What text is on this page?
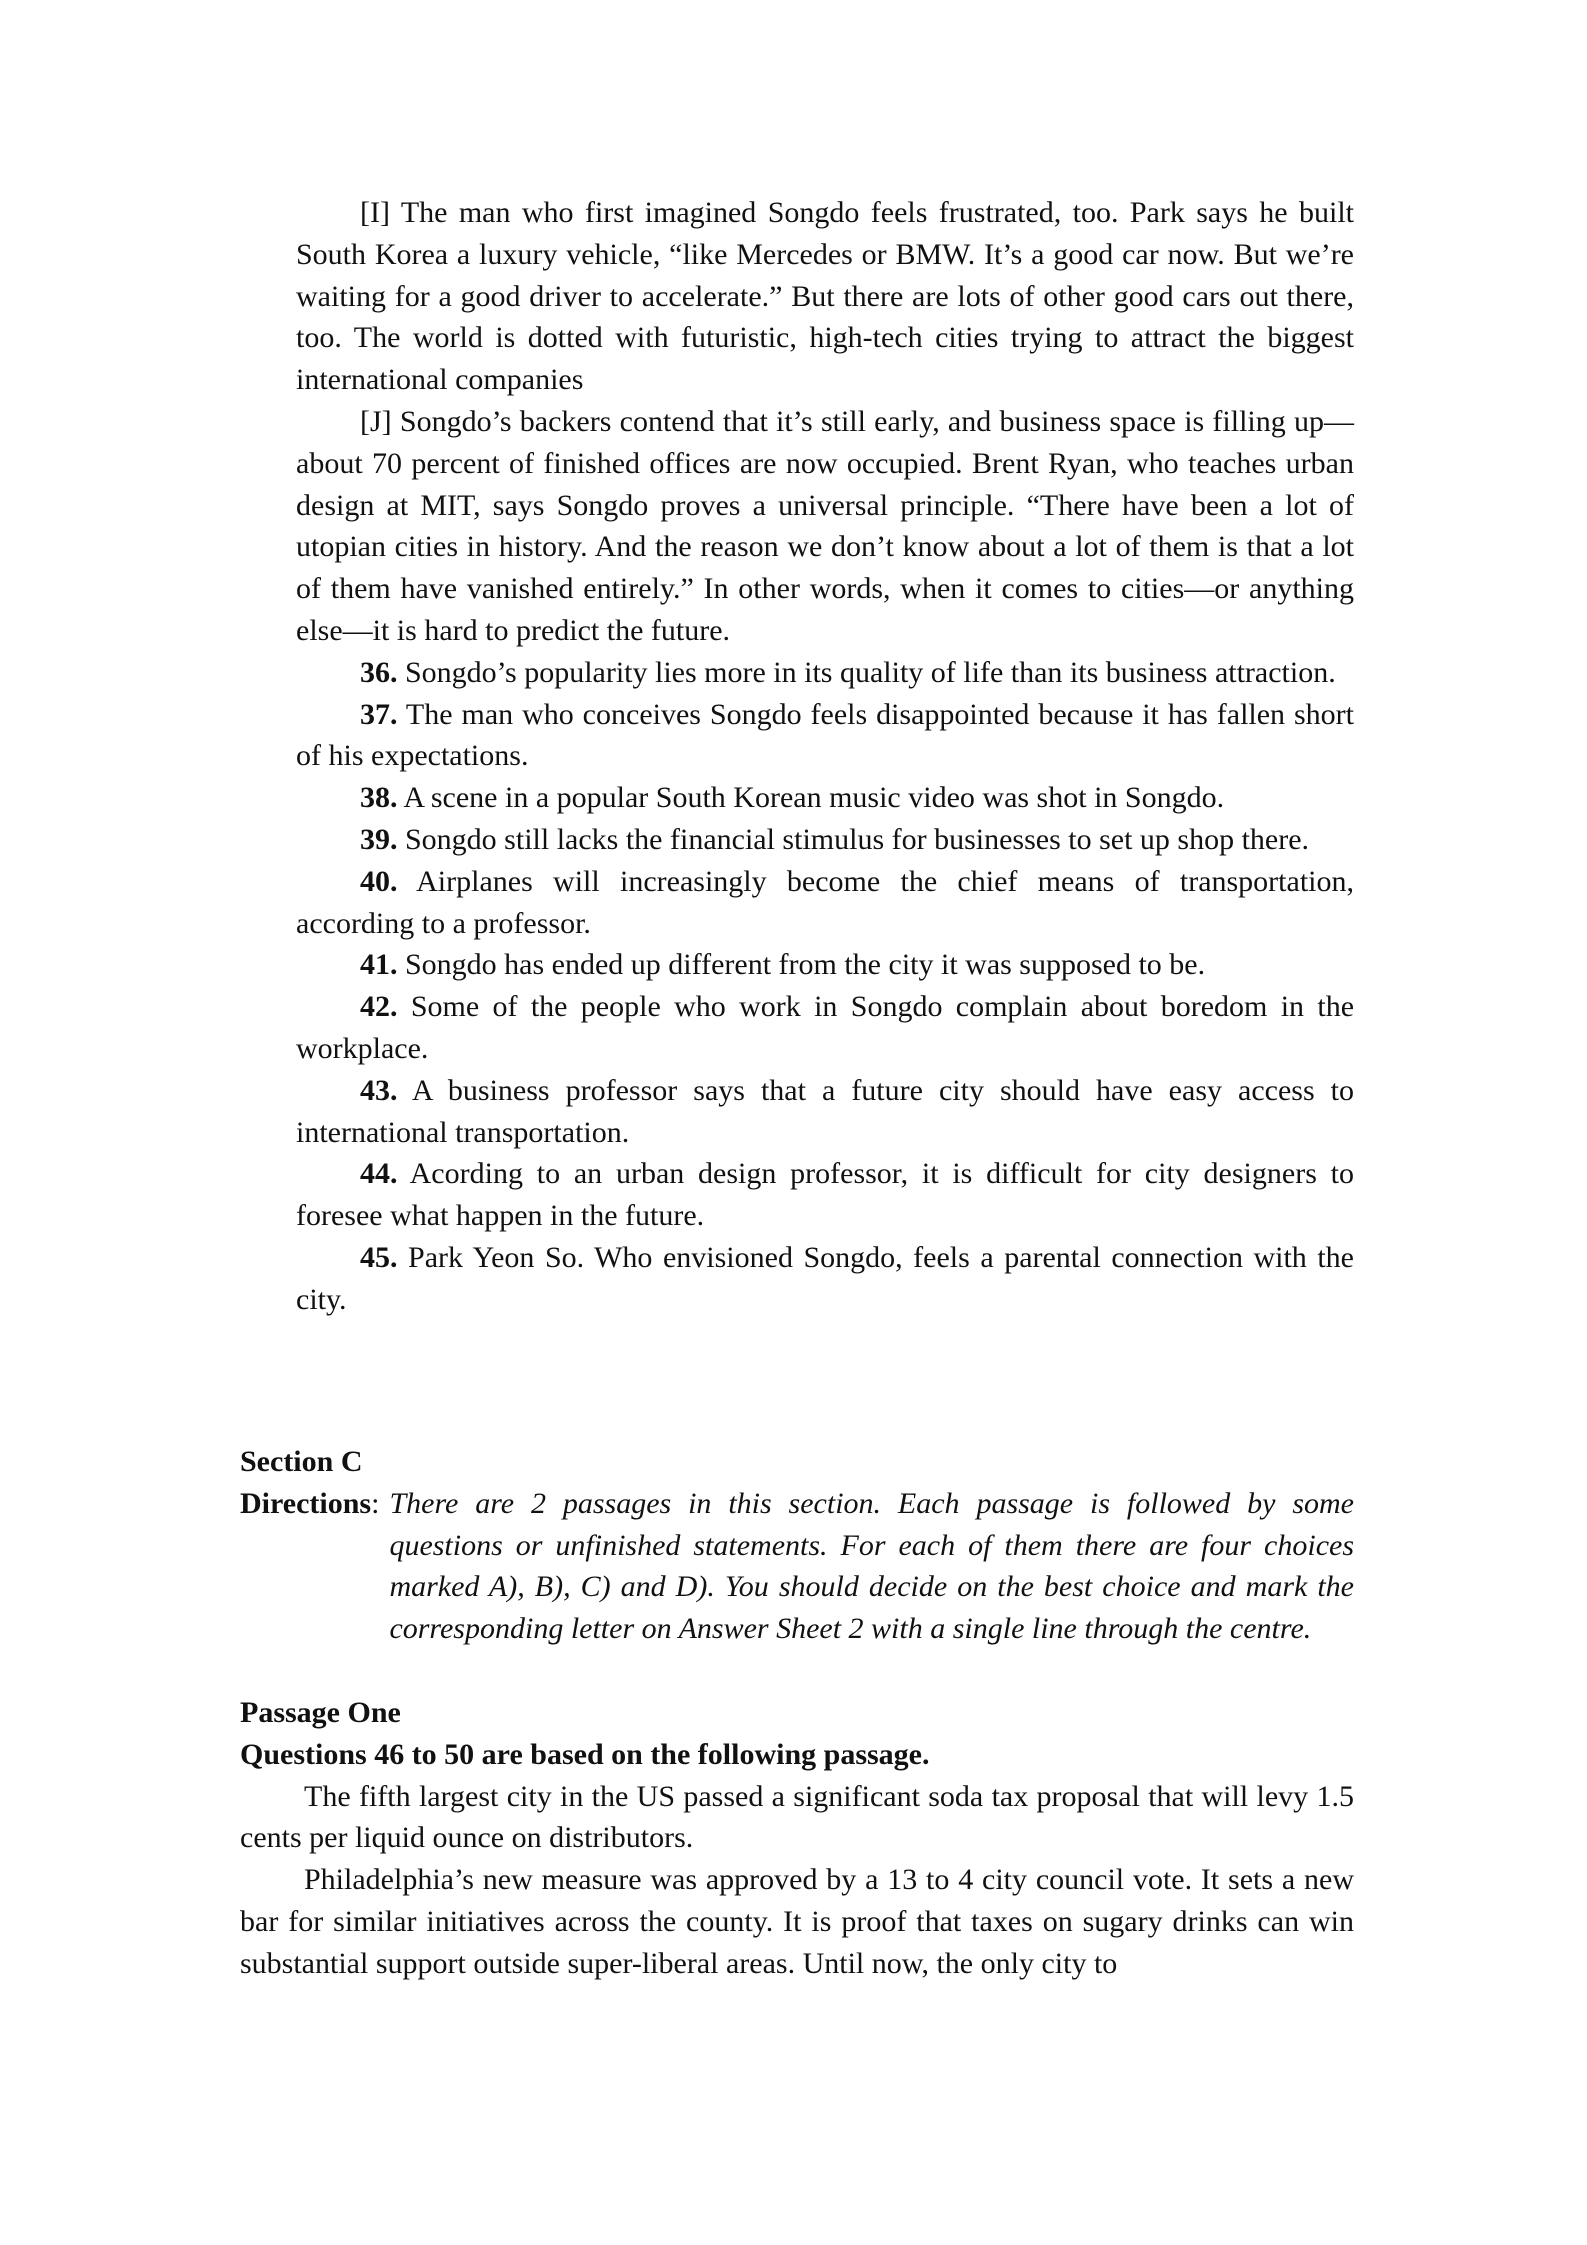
[I] The man who first imagined Songdo feels frustrated, too. Park says he built South Korea a luxury vehicle, “like Mercedes or BMW. It’s a good car now. But we’re waiting for a good driver to accelerate.” But there are lots of other good cars out there, too. The world is dotted with futuristic, high-tech cities trying to attract the biggest international companies

[J] Songdo’s backers contend that it’s still early, and business space is filling up—about 70 percent of finished offices are now occupied. Brent Ryan, who teaches urban design at MIT, says Songdo proves a universal principle. “There have been a lot of utopian cities in history. And the reason we don’t know about a lot of them is that a lot of them have vanished entirely.” In other words, when it comes to cities—or anything else—it is hard to predict the future.

36. Songdo’s popularity lies more in its quality of life than its business attraction.

37. The man who conceives Songdo feels disappointed because it has fallen short of his expectations.

38. A scene in a popular South Korean music video was shot in Songdo.

39. Songdo still lacks the financial stimulus for businesses to set up shop there.

40. Airplanes will increasingly become the chief means of transportation, according to a professor.

41. Songdo has ended up different from the city it was supposed to be.

42. Some of the people who work in Songdo complain about boredom in the workplace.

43. A business professor says that a future city should have easy access to international transportation.

44. Acording to an urban design professor, it is difficult for city designers to foresee what happen in the future.

45. Park Yeon So. Who envisioned Songdo, feels a parental connection with the city.

Section C
Directions: There are 2 passages in this section. Each passage is followed by some questions or unfinished statements. For each of them there are four choices marked A), B), C) and D). You should decide on the best choice and mark the corresponding letter on Answer Sheet 2 with a single line through the centre.
Passage One
Questions 46 to 50 are based on the following passage.

The fifth largest city in the US passed a significant soda tax proposal that will levy 1.5 cents per liquid ounce on distributors.

Philadelphia’s new measure was approved by a 13 to 4 city council vote. It sets a new bar for similar initiatives across the county. It is proof that taxes on sugary drinks can win substantial support outside super-liberal areas. Until now, the only city to
